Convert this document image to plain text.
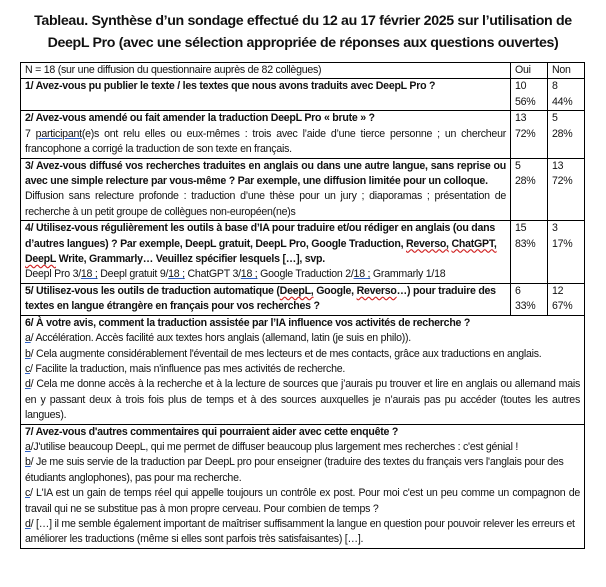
Tableau. Synthèse d’un sondage effectué du 12 au 17 février 2025 sur l’utilisation de
DeepL Pro (avec une sélection appropriée de réponses aux questions ouvertes)
N = 18 (sur une diffusion du questionnaire auprès de 82 collègues)	Oui	Non
1/ Avez-vous pu publier le texte / les textes que nous avons traduits avec DeepL Pro ?	10
56%	8
44%

2/ Avez-vous amendé ou fait amender la traduction DeepL Pro « brute » ?
7 participant(e)s ont relu elles ou eux-mêmes : trois avec l’aide d’une tierce personne ; un chercheur francophone a corrigé la traduction de son texte en français.	13
72%	5
28%

3/ Avez-vous diffusé vos recherches traduites en anglais ou dans une autre langue, sans reprise ou avec une simple relecture par vous-même ? Par exemple, une diffusion limitée pour un colloque.
Diffusion sans relecture profonde : traduction d’une thèse pour un jury ; diaporamas ; présentation de recherche à un petit groupe de collègues non-européen(ne)s	5
28%	13
72%

4/ Utilisez-vous régulièrement les outils à base d’IA pour traduire et/ou rédiger en anglais (ou dans d’autres langues) ? Par exemple, DeepL gratuit, DeepL Pro, Google Traduction, Reverso, ChatGPT, DeepL Write, Grammarly… Veuillez spécifier lesquels […], svp.
Deepl Pro 3/18 ; Deepl gratuit 9/18 ; ChatGPT 3/18 ; Google Traduction 2/18 ; Grammarly 1/18	15
83%	3
17%

5/ Utilisez-vous les outils de traduction automatique (DeepL, Google, Reverso…) pour traduire des textes en langue étrangère en français pour vos recherches ?	6
33%	12
67%

6/ À votre avis, comment la traduction assistée par l’IA influence vos activités de recherche ?
a/ Accélération. Accès facilité aux textes hors anglais (allemand, latin (je suis en philo)).
b/ Cela augmente considérablement l'éventail de mes lecteurs et de mes contacts, grâce aux traductions en anglais.
c/ Facilite la traduction, mais n'influence pas mes activités de recherche.
d/ Cela me donne accès à la recherche et à la lecture de sources que j’aurais pu trouver et lire en anglais ou allemand mais en y passant deux à trois fois plus de temps et à des sources auxquelles je n’aurais pas pu accéder (toutes les autres langues).		

7/ Avez-vous d'autres commentaires qui pourraient aider avec cette enquête ?
a/J'utilise beaucoup DeepL, qui me permet de diffuser beaucoup plus largement mes recherches : c'est génial !
b/ Je me suis servie de la traduction par DeepL pro pour enseigner (traduire des textes du français vers l'anglais pour des étudiants anglophones), pas pour ma recherche.
c/ L'IA est un gain de temps réel qui appelle toujours un contrôle ex post. Pour moi c'est un peu comme un compagnon de travail qui ne se substitue pas à mon propre cerveau. Pour combien de temps ?
d/ […] il me semble également important de maîtriser suffisamment la langue en question pour pouvoir relever les erreurs et améliorer les traductions (même si elles sont parfois très satisfaisantes) […].		
